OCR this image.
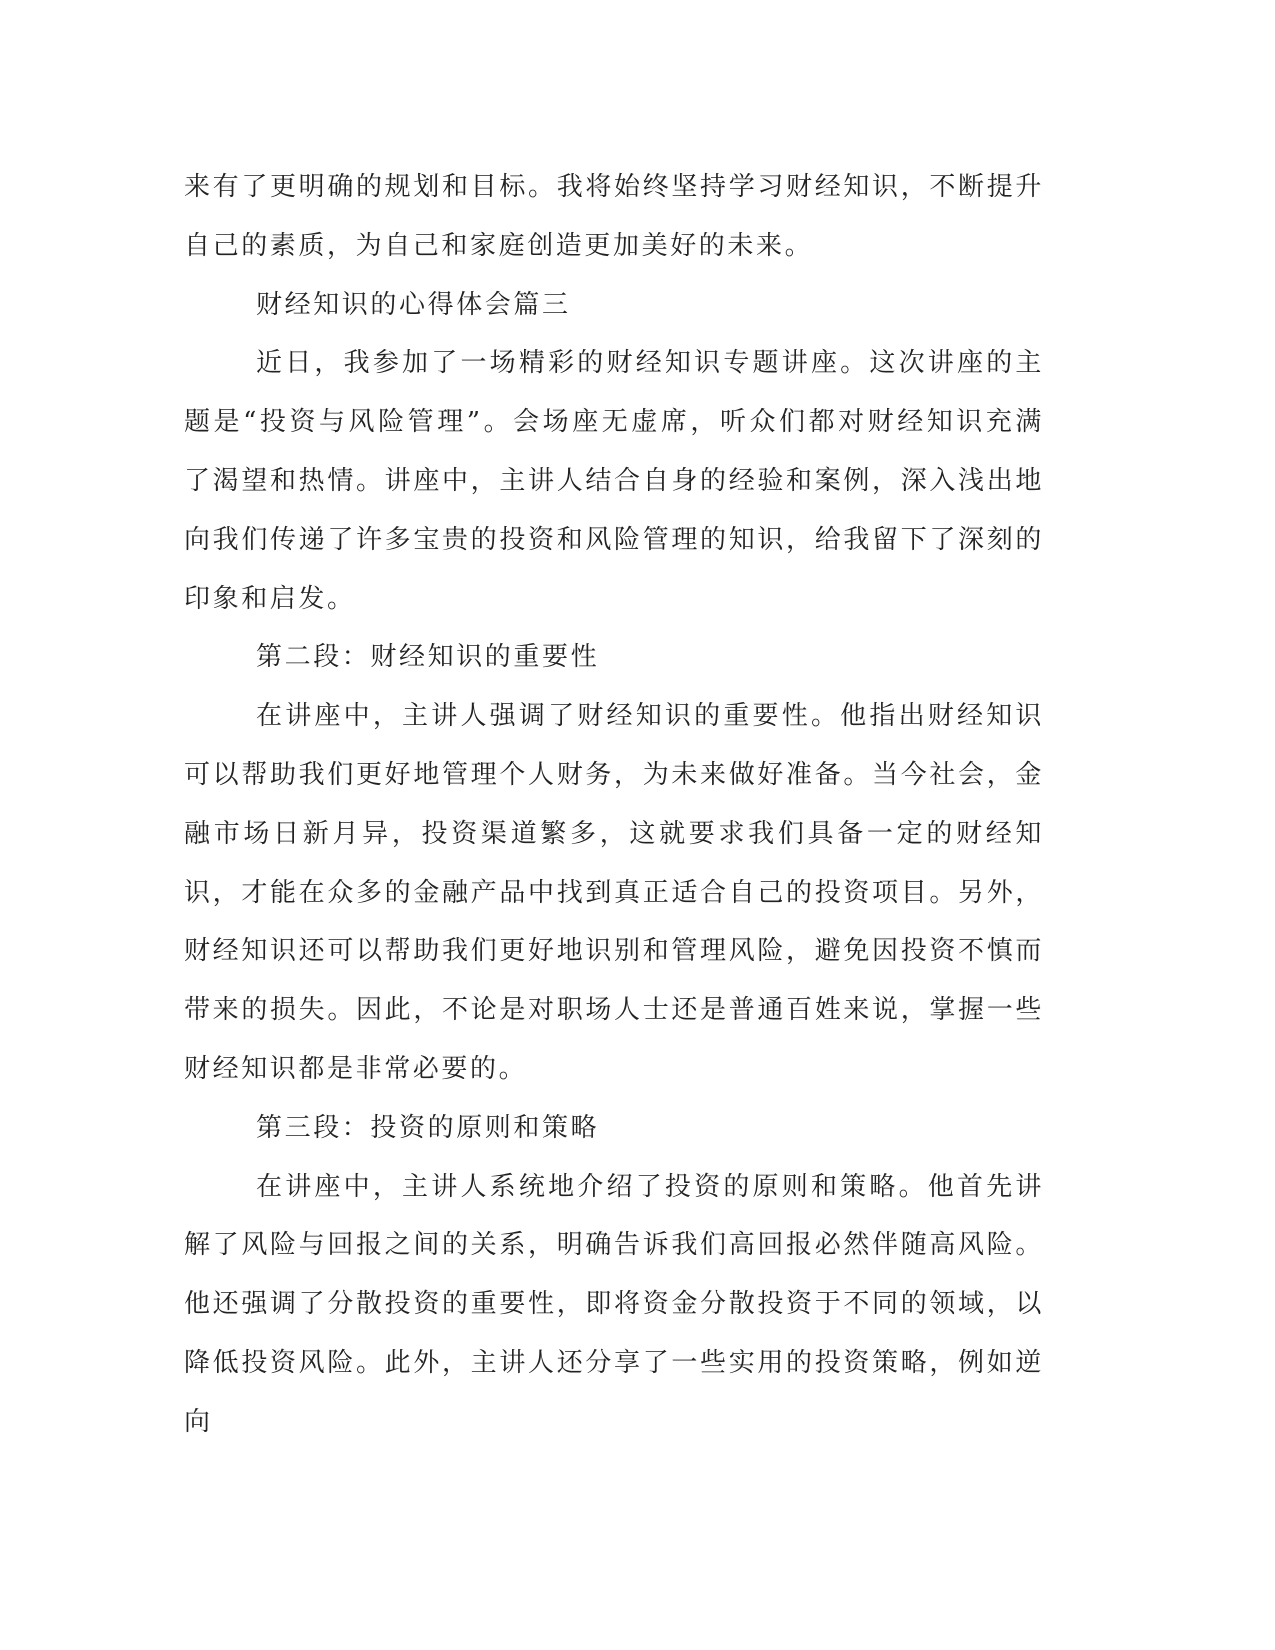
来有了更明确的规划和目标。我将始终坚持学习财经知识，不断提升自己的素质，为自己和家庭创造更加美好的未来。

财经知识的心得体会篇三

近日，我参加了一场精彩的财经知识专题讲座。这次讲座的主题是“投资与风险管理”。会场座无虚席，听众们都对财经知识充满了渴望和热情。讲座中，主讲人结合自身的经验和案例，深入浅出地向我们传递了许多宝贵的投资和风险管理的知识，给我留下了深刻的印象和启发。

第二段：财经知识的重要性

在讲座中，主讲人强调了财经知识的重要性。他指出财经知识可以帮助我们更好地管理个人财务，为未来做好准备。当今社会，金融市场日新月异，投资渠道繁多，这就要求我们具备一定的财经知识，才能在众多的金融产品中找到真正适合自己的投资项目。另外，财经知识还可以帮助我们更好地识别和管理风险，避免因投资不慎而带来的损失。因此，不论是对职场人士还是普通百姓来说，掌握一些财经知识都是非常必要的。

第三段：投资的原则和策略

在讲座中，主讲人系统地介绍了投资的原则和策略。他首先讲解了风险与回报之间的关系，明确告诉我们高回报必然伴随高风险。他还强调了分散投资的重要性，即将资金分散投资于不同的领域，以降低投资风险。此外，主讲人还分享了一些实用的投资策略，例如逆向
